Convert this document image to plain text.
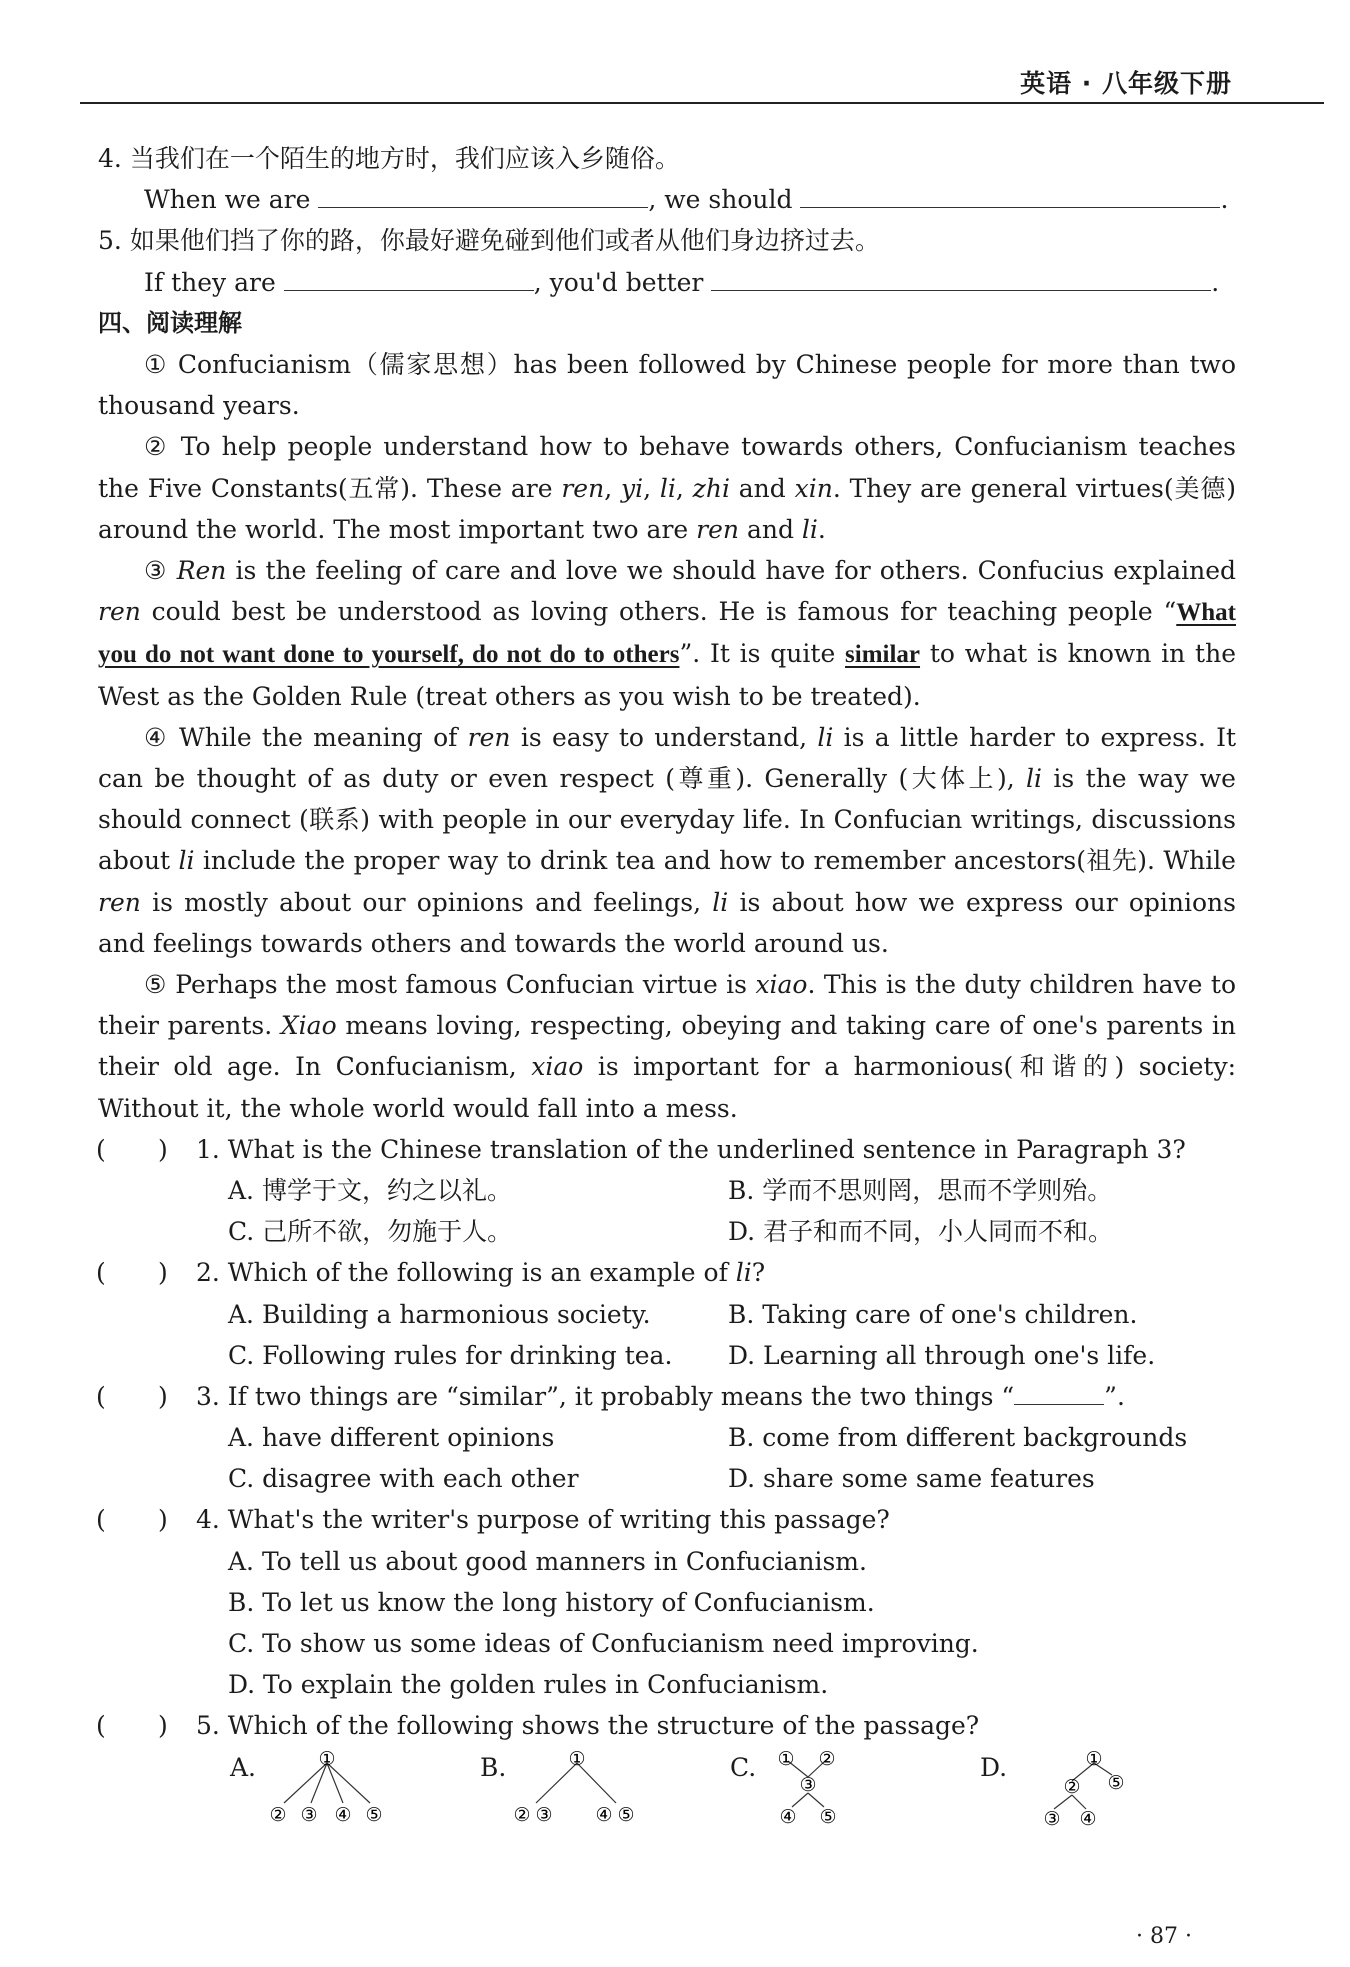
英语 · 八年级下册
4. 当我们在一个陌生的地方时，我们应该入乡随俗。
When we are	, we should	.
5. 如果他们挡了你的路，你最好避免碰到他们或者从他们身边挤过去。
If they are	, you'd better	.
四、阅读理解

① Confucianism（儒家思想）has been followed by Chinese people for more than two thousand years.

② To help people understand how to behave towards others, Confucianism teaches the Five Constants(五常). These are ren, yi, li, zhi and xin. They are general virtues(美德) around the world. The most important two are ren and li.

③ Ren is the feeling of care and love we should have for others. Confucius explained ren could best be understood as loving others. He is famous for teaching people “What you do not want done to yourself, do not do to others”. It is quite similar to what is known in the West as the Golden Rule (treat others as you wish to be treated).

④ While the meaning of ren is easy to understand, li is a little harder to express. It can be thought of as duty or even respect (尊重). Generally (大体上), li is the way we should connect (联系) with people in our everyday life. In Confucian writings, discussions about li include the proper way to drink tea and how to remember ancestors(祖先). While ren is mostly about our opinions and feelings, li is about how we express our opinions and feelings towards others and towards the world around us.

⑤ Perhaps the most famous Confucian virtue is xiao. This is the duty children have to their parents. Xiao means loving, respecting, obeying and taking care of one's parents in their old age. In Confucianism, xiao is important for a harmonious(和谐的) society: Without it, the whole world would fall into a mess.

( )	1. What is the Chinese translation of the underlined sentence in Paragraph 3?
A. 博学于文，约之以礼。	B. 学而不思则罔，思而不学则殆。
C. 己所不欲，勿施于人。	D. 君子和而不同，小人同而不和。
( )	2. Which of the following is an example of li?
A. Building a harmonious society.	B. Taking care of one's children.
C. Following rules for drinking tea.	D. Learning all through one's life.
( )	3. If two things are “similar”, it probably means the two things “	”.
A. have different opinions	B. come from different backgrounds
C. disagree with each other	D. share some same features
( )	4. What's the writer's purpose of writing this passage?
A. To tell us about good manners in Confucianism.
B. To let us know the long history of Confucianism.
C. To show us some ideas of Confucianism need improving.
D. To explain the golden rules in Confucianism.
( )	5. Which of the following shows the structure of the passage?
A.	①
② ③ ④ ⑤
B.	①
② ③ ④ ⑤
C. ① ②
③
④ ⑤
D.	①
② ⑤
③ ④
· 87 ·
